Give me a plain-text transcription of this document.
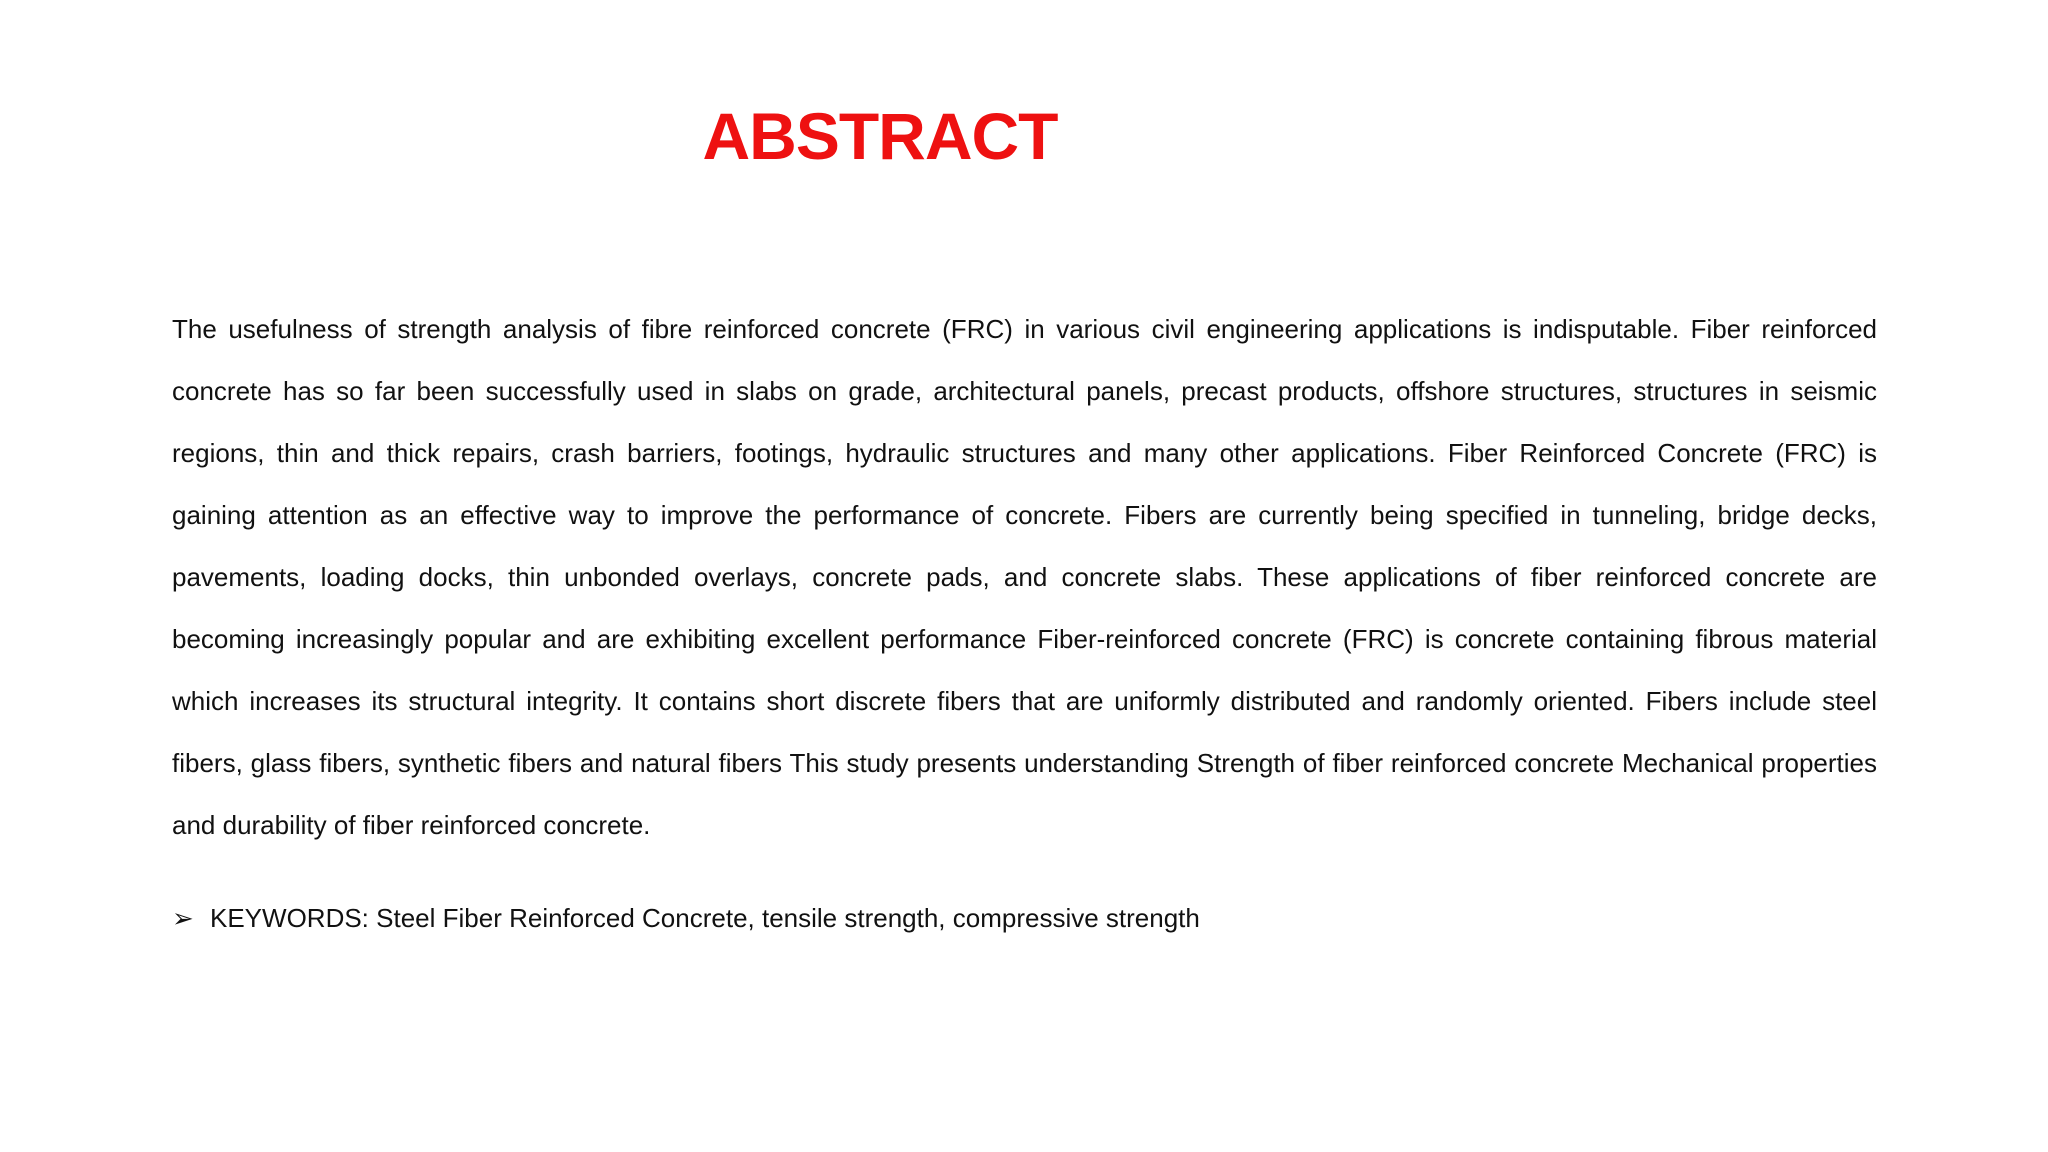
ABSTRACT

The usefulness of strength analysis of fibre reinforced concrete (FRC) in various civil engineering applications is indisputable. Fiber reinforced concrete has so far been successfully used in slabs on grade, architectural panels, precast products, offshore structures, structures in seismic regions, thin and thick repairs, crash barriers, footings, hydraulic structures and many other applications. Fiber Reinforced Concrete (FRC) is gaining attention as an effective way to improve the performance of concrete. Fibers are currently being specified in tunneling, bridge decks, pavements, loading docks, thin unbonded overlays, concrete pads, and concrete slabs. These applications of fiber reinforced concrete are becoming increasingly popular and are exhibiting excellent performance Fiber-reinforced concrete (FRC) is concrete containing fibrous material which increases its structural integrity. It contains short discrete fibers that are uniformly distributed and randomly oriented. Fibers include steel fibers, glass fibers, synthetic fibers and natural fibers This study presents understanding Strength of fiber reinforced concrete Mechanical properties and durability of fiber reinforced concrete.

➢ KEYWORDS: Steel Fiber Reinforced Concrete, tensile strength, compressive strength
